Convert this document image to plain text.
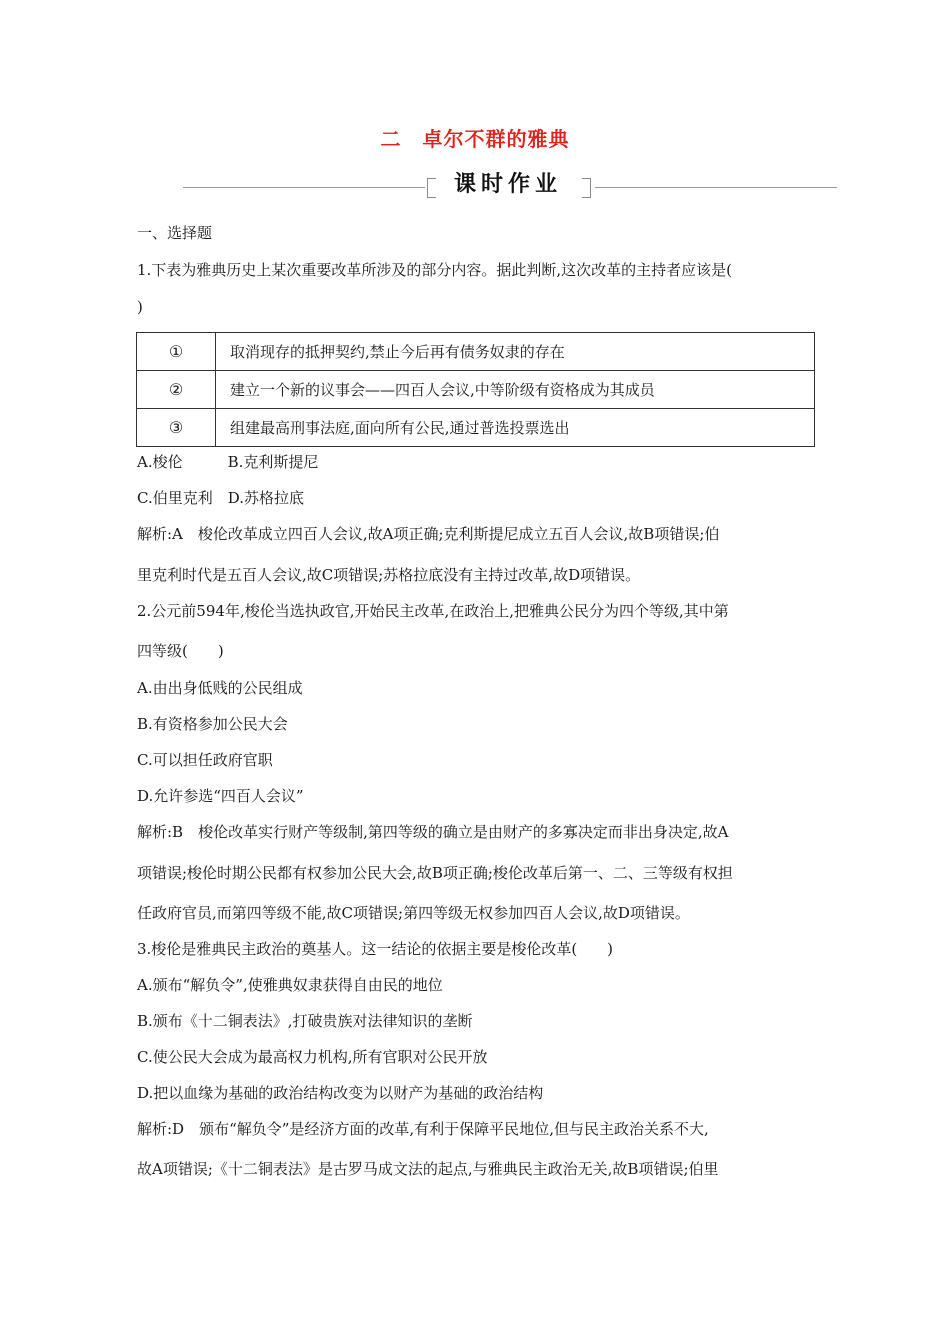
二　卓尔不群的雅典
课时作业
一、选择题
1.下表为雅典历史上某次重要改革所涉及的部分内容。据此判断,这次改革的主持者应该是(
)
①	取消现存的抵押契约,禁止今后再有债务奴隶的存在
②	建立一个新的议事会——四百人会议,中等阶级有资格成为其成员
③	组建最高刑事法庭,面向所有公民,通过普选投票选出
A.梭伦　　　B.克利斯提尼
C.伯里克利　D.苏格拉底
解析:A　梭伦改革成立四百人会议,故A项正确;克利斯提尼成立五百人会议,故B项错误;伯
里克利时代是五百人会议,故C项错误;苏格拉底没有主持过改革,故D项错误。
2.公元前594年,梭伦当选执政官,开始民主改革,在政治上,把雅典公民分为四个等级,其中第
四等级(　　)
A.由出身低贱的公民组成
B.有资格参加公民大会
C.可以担任政府官职
D.允许参选“四百人会议”
解析:B　梭伦改革实行财产等级制,第四等级的确立是由财产的多寡决定而非出身决定,故A
项错误;梭伦时期公民都有权参加公民大会,故B项正确;梭伦改革后第一、二、三等级有权担
任政府官员,而第四等级不能,故C项错误;第四等级无权参加四百人会议,故D项错误。
3.梭伦是雅典民主政治的奠基人。这一结论的依据主要是梭伦改革(　　)
A.颁布“解负令”,使雅典奴隶获得自由民的地位
B.颁布《十二铜表法》,打破贵族对法律知识的垄断
C.使公民大会成为最高权力机构,所有官职对公民开放
D.把以血缘为基础的政治结构改变为以财产为基础的政治结构
解析:D　颁布“解负令”是经济方面的改革,有利于保障平民地位,但与民主政治关系不大,
故A项错误;《十二铜表法》是古罗马成文法的起点,与雅典民主政治无关,故B项错误;伯里
